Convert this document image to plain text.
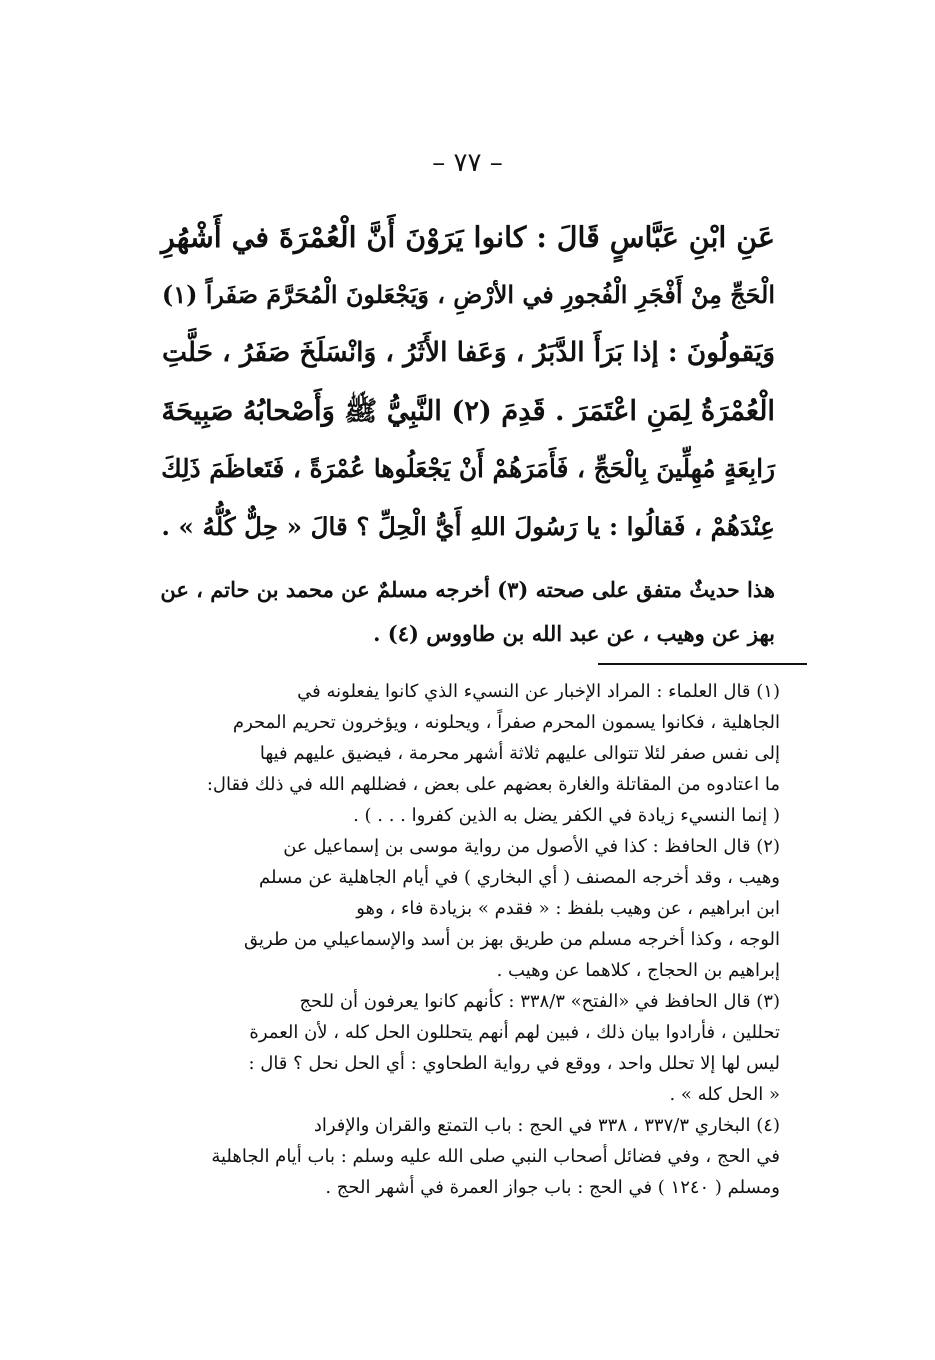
– ٧٧ –
عَنِ ابْنِ عَبَّاسٍ قَالَ : كانوا يَرَوْنَ أَنَّ الْعُمْرَةَ في أَشْهُرِ
الْحَجِّ مِنْ أَفْجَرِ الْفُجورِ في الأرْضِ ، وَيَجْعَلونَ الْمُحَرَّمَ صَفَراً (١)
وَيَقولُونَ : إذا بَرَأَ الدَّبَرُ ، وَعَفا الأَثَرُ ، وَانْسَلَخَ صَفَرُ ، حَلَّتِ
الْعُمْرَةُ لِمَنِ اعْتَمَرَ . قَدِمَ (٢) النَّبِيُّ ﷺ وَأَصْحابُهُ صَبِيحَةَ
رَابِعَةٍ مُهِلِّينَ بِالْحَجِّ ، فَأَمَرَهُمْ أَنْ يَجْعَلُوها عُمْرَةً ، فَتَعاظَمَ ذَلِكَ
عِنْدَهُمْ ، فَقالُوا : يا رَسُولَ اللهِ أَيُّ الْحِلِّ ؟ قالَ « حِلٌّ كُلُّهُ » .
هذا حديثٌ متفق على صحته (٣) أخرجه مسلمٌ عن محمد بن حاتم ، عن
بهز عن وهيب ، عن عبد الله بن طاووس (٤) .
(١) قال العلماء : المراد الإخبار عن النسيء الذي كانوا يفعلونه في
الجاهلية ، فكانوا يسمون المحرم صفراً ، ويحلونه ، ويؤخرون تحريم المحرم
إلى نفس صفر لئلا تتوالى عليهم ثلاثة أشهر محرمة ، فيضيق عليهم فيها
ما اعتادوه من المقاتلة والغارة بعضهم على بعض ، فضللهم الله في ذلك فقال:
( إنما النسيء زيادة في الكفر يضل به الذين كفروا . . . ) .
(٢) قال الحافظ : كذا في الأصول من رواية موسى بن إسماعيل عن
وهيب ، وقد أخرجه المصنف ( أي البخاري ) في أيام الجاهلية عن مسلم
ابن ابراهيم ، عن وهيب بلفظ : « فقدم » بزيادة فاء ، وهو
الوجه ، وكذا أخرجه مسلم من طريق بهز بن أسد والإسماعيلي من طريق
إبراهيم بن الحجاج ، كلاهما عن وهيب .
(٣) قال الحافظ في «الفتح» ٣٣٨/٣ : كأنهم كانوا يعرفون أن للحج
تحللين ، فأرادوا بيان ذلك ، فبين لهم أنهم يتحللون الحل كله ، لأن العمرة
ليس لها إلا تحلل واحد ، ووقع في رواية الطحاوي : أي الحل نحل ؟ قال :
« الحل كله » .
(٤) البخاري ٣٣٧/٣ ، ٣٣٨ في الحج : باب التمتع والقران والإفراد
في الحج ، وفي فضائل أصحاب النبي صلى الله عليه وسلم : باب أيام الجاهلية
ومسلم ( ١٢٤٠ ) في الحج : باب جواز العمرة في أشهر الحج .
